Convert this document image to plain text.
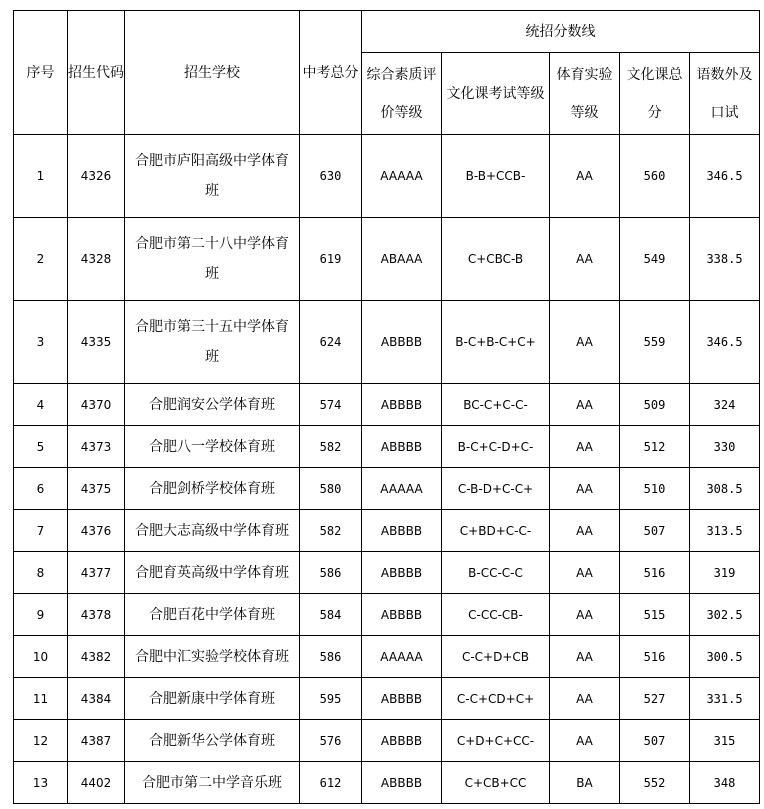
序号	招生代码	招生学校	中考总分	统招分数线				
				综合素质评价等级	文化课考试等级	体育实验等级	文化课总分	语数外及口试
1	4326	合肥市庐阳高级中学体育班	630	AAAAA	B-B+CCB-	AA	560	346.5
2	4328	合肥市第二十八中学体育班	619	ABAAA	C+CBC-B	AA	549	338.5
3	4335	合肥市第三十五中学体育班	624	ABBBB	B-C+B-C+C+	AA	559	346.5
4	4370	合肥润安公学体育班	574	ABBBB	BC-C+C-C-	AA	509	324
5	4373	合肥八一学校体育班	582	ABBBB	B-C+C-D+C-	AA	512	330
6	4375	合肥剑桥学校体育班	580	AAAAA	C-B-D+C-C+	AA	510	308.5
7	4376	合肥大志高级中学体育班	582	ABBBB	C+BD+C-C-	AA	507	313.5
8	4377	合肥育英高级中学体育班	586	ABBBB	B-CC-C-C	AA	516	319
9	4378	合肥百花中学体育班	584	ABBBB	C-CC-CB-	AA	515	302.5
10	4382	合肥中汇实验学校体育班	586	AAAAA	C-C+D+CB	AA	516	300.5
11	4384	合肥新康中学体育班	595	ABBBB	C-C+CD+C+	AA	527	331.5
12	4387	合肥新华公学体育班	576	ABBBB	C+D+C+CC-	AA	507	315
13	4402	合肥市第二中学音乐班	612	ABBBB	C+CB+CC	BA	552	348
